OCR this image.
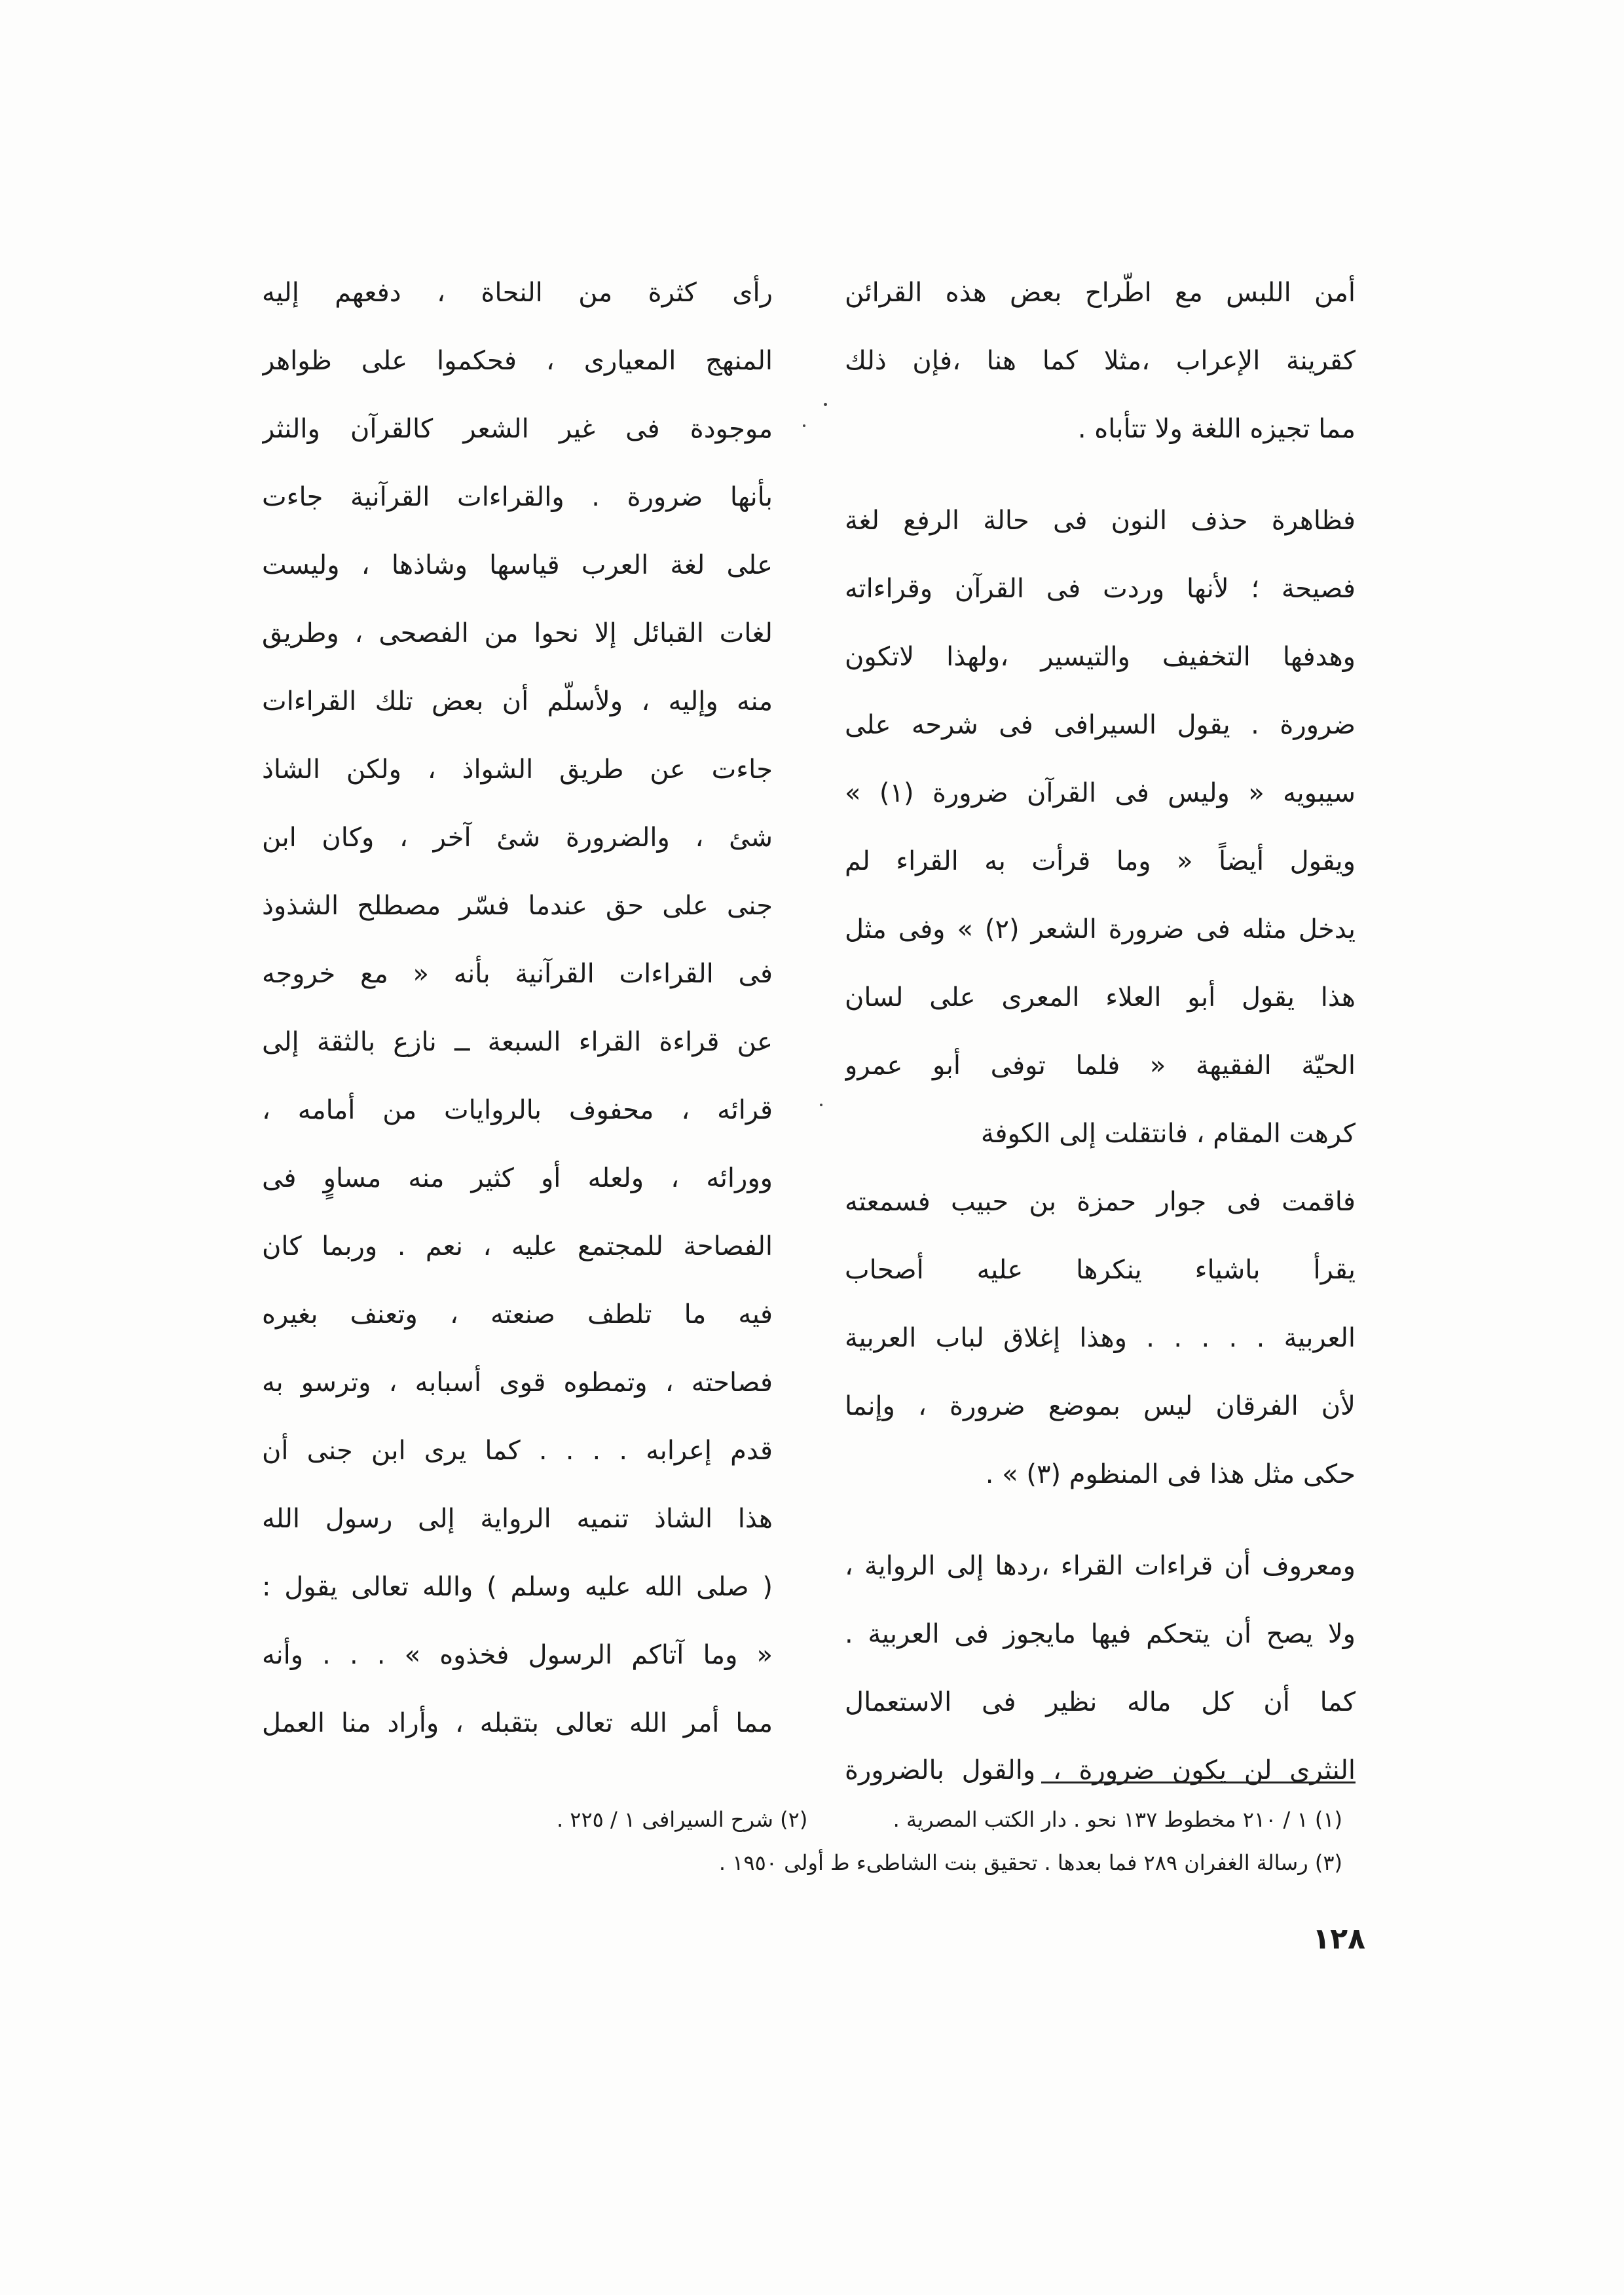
أمن اللبس مع اطّراح بعض هذه القرائن
كقرينة الإعراب ،مثلا كما هنا ،فإن ذلك
مما تجيزه اللغة ولا تتأباه .
فظاهرة حذف النون فى حالة الرفع لغة
فصيحة ؛ لأنها وردت فى القرآن وقراءاته
وهدفها التخفيف والتيسير ،ولهذا لاتكون
ضرورة . يقول السيرافى فى شرحه على
سيبويه « وليس فى القرآن ضرورة (١) »
ويقول أيضاً « وما قرأت به القراء لم
يدخل مثله فى ضرورة الشعر (٢) » وفى مثل
هذا يقول أبو العلاء المعرى على لسان
الحيّة الفقيهة « فلما توفى أبو عمرو
كرهت المقام ، فانتقلت إلى الكوفة
فاقمت فى جوار حمزة بن حبيب فسمعته
يقرأ باشياء ينكرها عليه أصحاب
العربية . . . . . وهذا إغلاق لباب العربية
لأن الفرقان ليس بموضع ضرورة ، وإنما
حكى مثل هذا فى المنظوم (٣) » .
ومعروف أن قراءات القراء ،ردها إلى الرواية ،
ولا يصح أن يتحكم فيها مايجوز فى العربية .
كما أن كل ماله نظير فى الاستعمال
النثرى لن يكون ضرورة ، والقول بالضرورة
رأى كثرة من النحاة ، دفعهم إليه
المنهج المعيارى ، فحكموا على ظواهر
موجودة فى غير الشعر كالقرآن والنثر
بأنها ضرورة . والقراءات القرآنية جاءت
على لغة العرب قياسها وشاذها ، وليست
لغات القبائل إلا نحوا من الفصحى ، وطريق
منه وإليه ، ولأسلّم أن بعض تلك القراءات
جاءت عن طريق الشواذ ، ولكن الشاذ
شئ ، والضرورة شئ آخر ، وكان ابن
جنى على حق عندما فسّر مصطلح الشذوذ
فى القراءات القرآنية بأنه « مع خروجه
عن قراءة القراء السبعة ــ نازع بالثقة إلى
قرائه ، محفوف بالروايات من أمامه ،
وورائه ، ولعله أو كثير منه مساوٍ فى
الفصاحة للمجتمع عليه ، نعم . وربما كان
فيه ما تلطف صنعته ، وتعنف بغيره
فصاحته ، وتمطوه قوى أسبابه ، وترسو به
قدم إعرابه . . . . كما يرى ابن جنى أن
هذا الشاذ تنميه الرواية إلى رسول الله
( صلى الله عليه وسلم ) والله تعالى يقول :
« وما آتاكم الرسول فخذوه » . . . وأنه
مما أمر الله تعالى بتقبله ، وأراد منا العمل
(١) ١ / ٢١٠ مخطوط ١٣٧ نحو . دار الكتب المصرية .  (٢) شرح السيرافى ١ / ٢٢٥ .
(٣) رسالة الغفران ٢٨٩ فما بعدها . تحقيق بنت الشاطىء ط أولى ١٩٥٠ .
١٢٨
